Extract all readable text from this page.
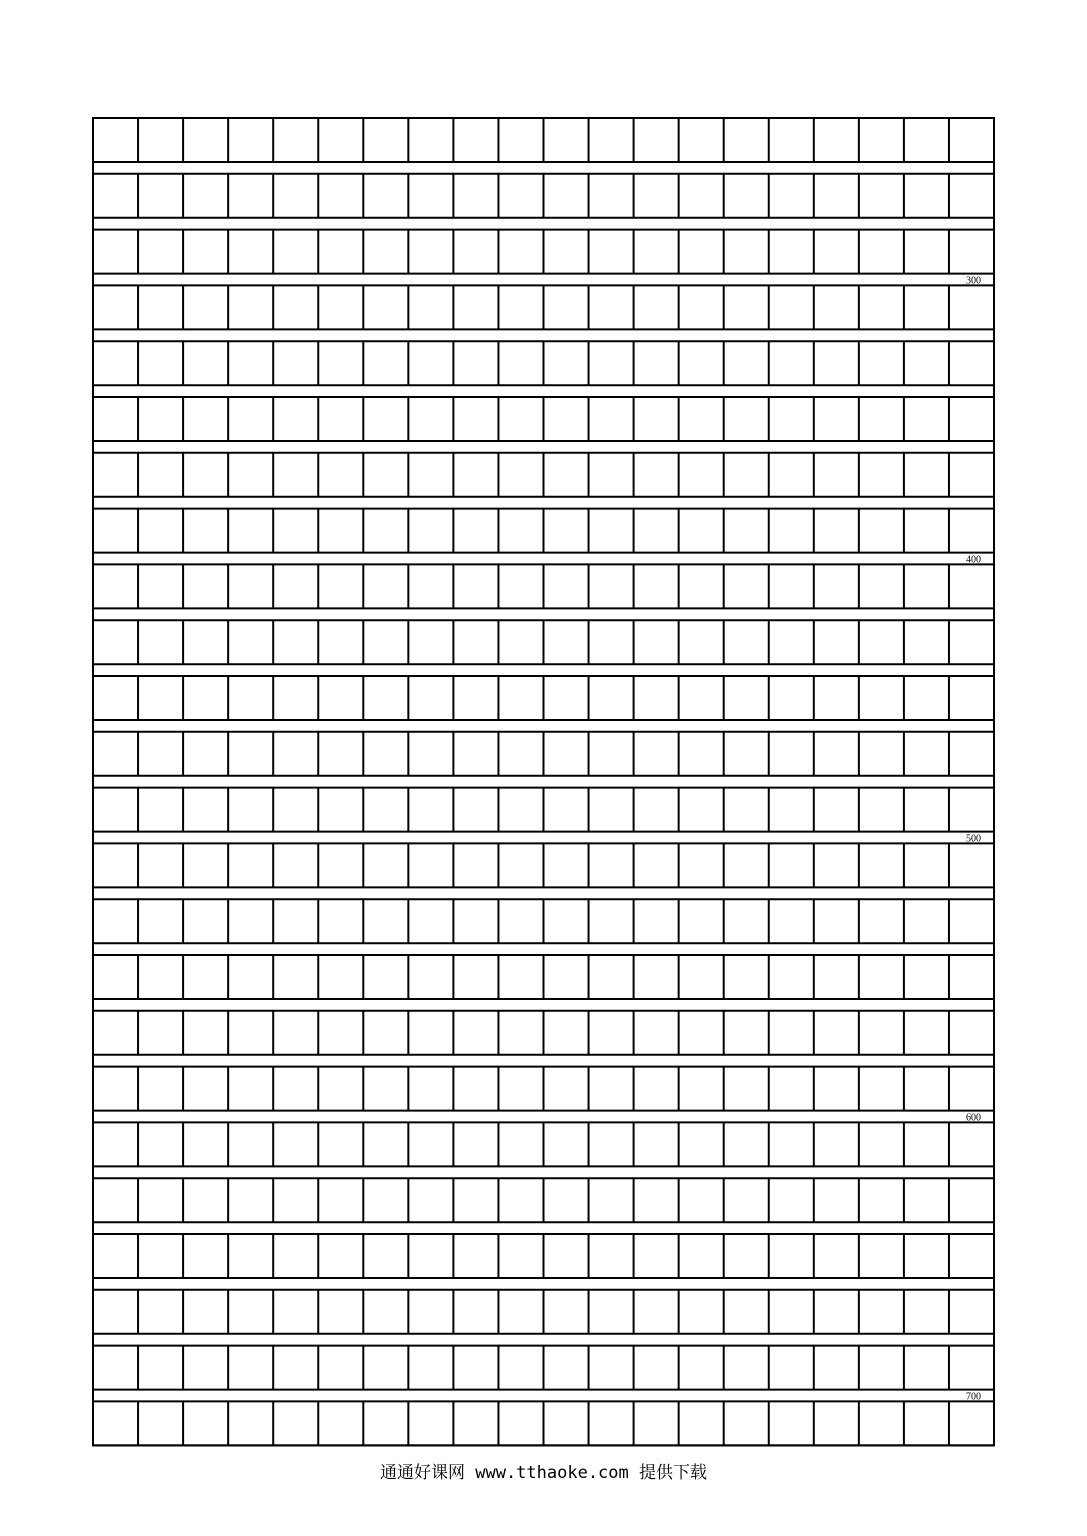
300
400
500
600
700
通通好课网 www.tthaoke.com 提供下载
